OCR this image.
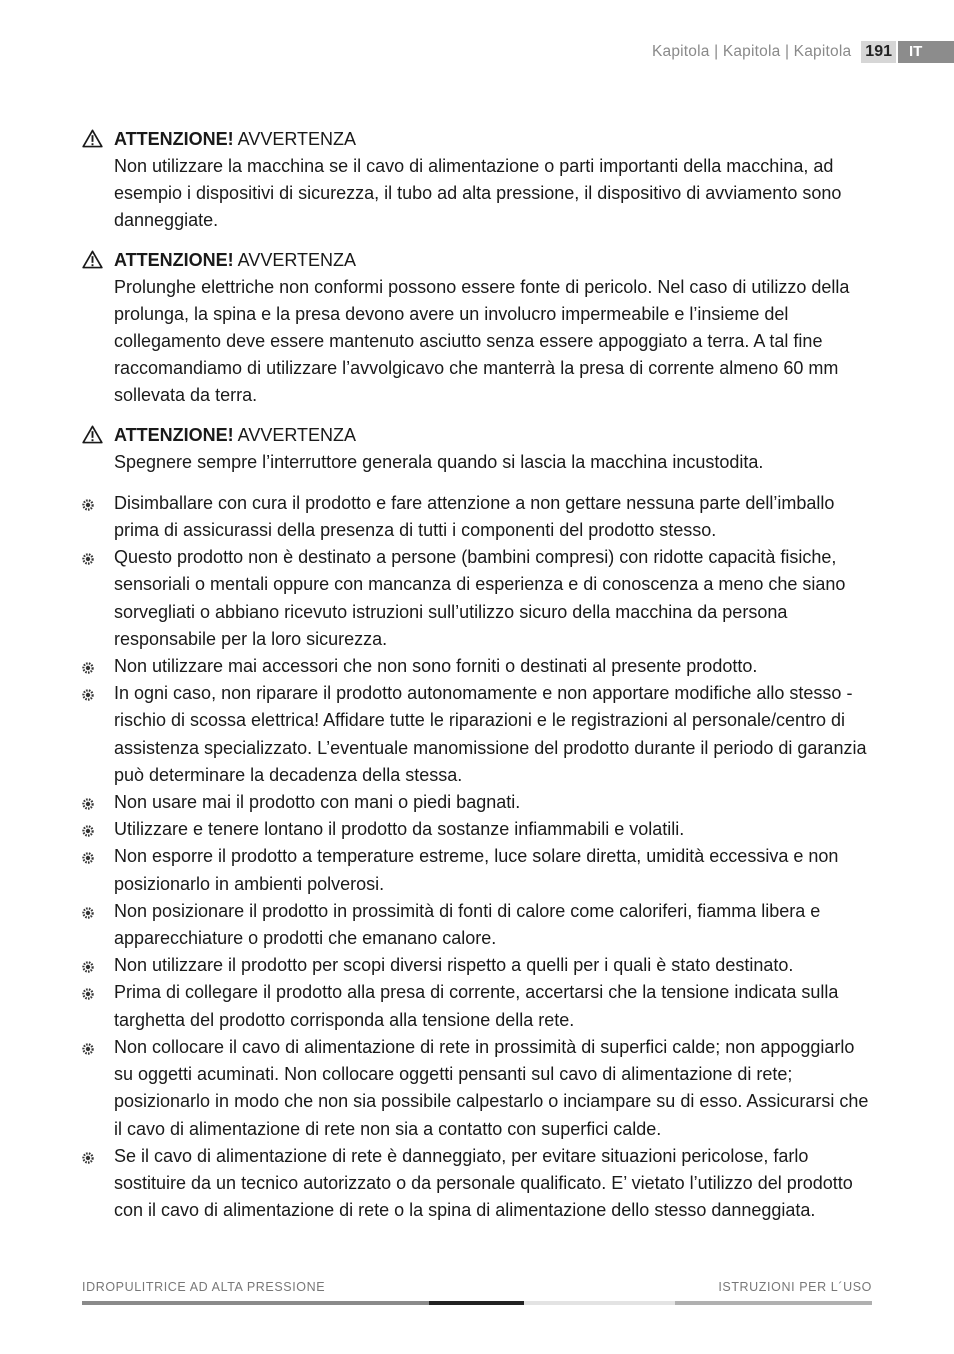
Kapitola | Kapitola | Kapitola 191	IT
ATTENZIONE! AVVERTENZA
Non utilizzare la macchina se il cavo di alimentazione o parti importanti della macchina, ad esempio i dispositivi di sicurezza, il tubo ad alta pressione, il dispositivo di avviamento sono danneggiate.
ATTENZIONE! AVVERTENZA
Prolunghe elettriche non conformi possono essere fonte di pericolo. Nel caso di utilizzo della prolunga, la spina e la presa devono avere un involucro impermeabile e l’insieme del collegamento deve essere mantenuto asciutto senza essere appoggiato a terra. A tal fine raccomandiamo di utilizzare l’avvolgicavo che manterrà la presa di corrente almeno 60 mm sollevata da terra.
ATTENZIONE! AVVERTENZA
Spegnere sempre l’interruttore generala quando si lascia la macchina incustodita.
Disimballare con cura il prodotto e fare attenzione a non gettare nessuna parte dell’imballo prima di assicurassi della presenza di tutti i componenti del prodotto stesso.
Questo prodotto non è destinato a persone (bambini compresi) con ridotte capacità fisiche, sensoriali o mentali oppure con mancanza di esperienza e di conoscenza a meno che siano sorvegliati o abbiano ricevuto istruzioni sull’utilizzo sicuro della macchina da persona responsabile per la loro sicurezza.
Non utilizzare mai accessori che non sono forniti o destinati al presente prodotto.
In ogni caso, non riparare il prodotto autonomamente e non apportare modifiche allo stesso - rischio di scossa elettrica! Affidare tutte le riparazioni e le registrazioni al personale/centro di assistenza specializzato. L’eventuale manomissione del prodotto durante il periodo di garanzia può determinare la decadenza della stessa.
Non usare mai il prodotto con mani o piedi bagnati.
Utilizzare e tenere lontano il prodotto da sostanze infiammabili e volatili.
Non esporre il prodotto a temperature estreme, luce solare diretta, umidità eccessiva e non posizionarlo in ambienti polverosi.
Non posizionare il prodotto in prossimità di fonti di calore come caloriferi, fiamma libera e apparecchiature o prodotti che emanano calore.
Non utilizzare il prodotto per scopi diversi rispetto a quelli per i quali è stato destinato.
Prima di collegare il prodotto alla presa di corrente, accertarsi che la tensione indicata sulla targhetta del prodotto corrisponda alla tensione della rete.
Non collocare il cavo di alimentazione di rete in prossimità di superfici calde; non appoggiarlo su oggetti acuminati. Non collocare oggetti pensanti sul cavo di alimentazione di rete; posizionarlo in modo che non sia possibile calpestarlo o inciampare su di esso. Assicurarsi che il cavo di alimentazione di rete non sia a contatto con superfici calde.
Se il cavo di alimentazione di rete è danneggiato, per evitare situazioni pericolose, farlo sostituire da un tecnico autorizzato o da personale qualificato. E’ vietato l’utilizzo del prodotto con il cavo di alimentazione di rete o la spina di alimentazione dello stesso danneggiata.
IDROPULITRICE AD ALTA PRESSIONE	ISTRUZIONI PER L´USO
